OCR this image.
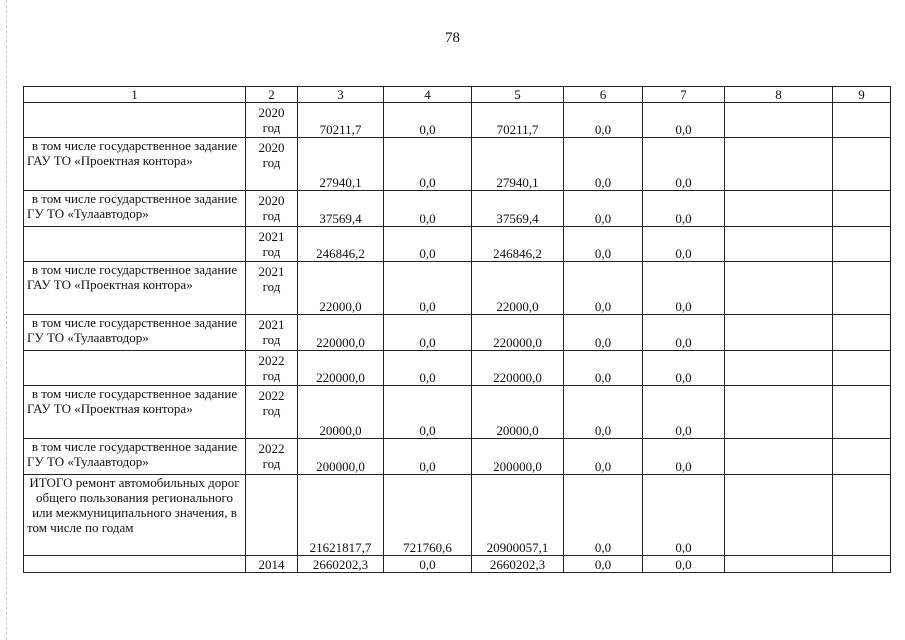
78
1	2	3	4	5	6	7	8	9
	2020 год	70211,7	0,0	70211,7	0,0	0,0		
в том числе государственное задание ГАУ ТО «Проектная контора»	2020 год	27940,1	0,0	27940,1	0,0	0,0		
в том числе государственное задание ГУ ТО «Тулаавтодор»	2020 год	37569,4	0,0	37569,4	0,0	0,0		
	2021 год	246846,2	0,0	246846,2	0,0	0,0		
в том числе государственное задание ГАУ ТО «Проектная контора»	2021 год	22000,0	0,0	22000,0	0,0	0,0		
в том числе государственное задание ГУ ТО «Тулаавтодор»	2021 год	220000,0	0,0	220000,0	0,0	0,0		
	2022 год	220000,0	0,0	220000,0	0,0	0,0		
в том числе государственное задание ГАУ ТО «Проектная контора»	2022 год	20000,0	0,0	20000,0	0,0	0,0		
в том числе государственное задание ГУ ТО «Тулаавтодор»	2022 год	200000,0	0,0	200000,0	0,0	0,0		
ИТОГО ремонт автомобильных дорог общего пользования регионального или межмуниципального значения, в том числе по годам		21621817,7	721760,6	20900057,1	0,0	0,0		
	2014	2660202,3	0,0	2660202,3	0,0	0,0		
